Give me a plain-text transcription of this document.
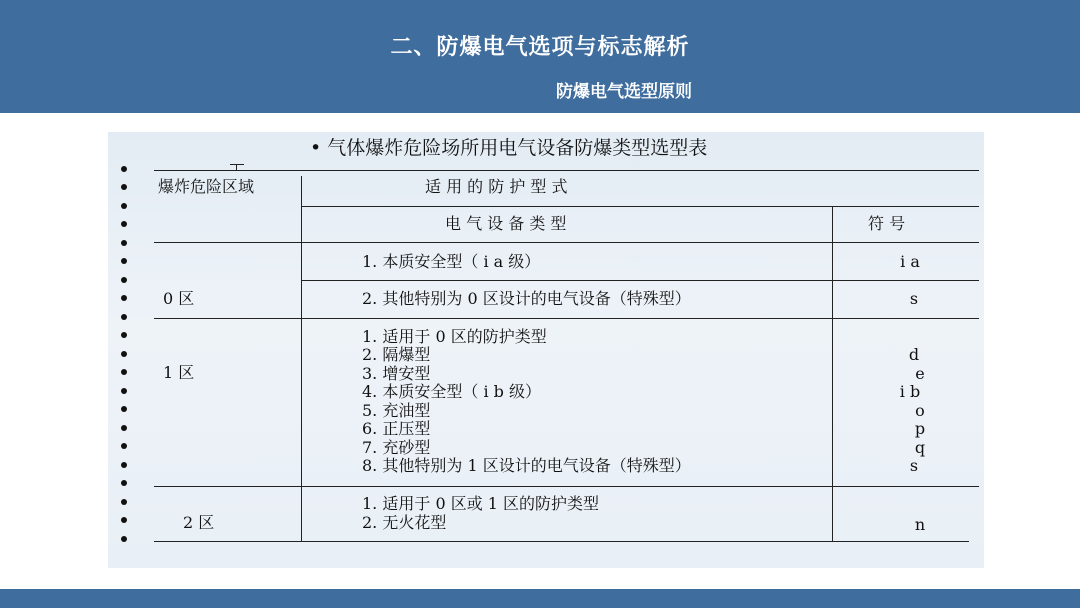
二、防爆电气选项与标志解析
防爆电气选型原则
• 气体爆炸危险场所用电气设备防爆类型选型表
爆炸危险区域	适 用 的 防 护 型 式
电 气 设 备 类 型	符 号
0 区
1. 本质安全型（ i a 级）	i a
2. 其他特别为 0 区设计的电气设备（特殊型）	s
1 区
1. 适用于 0 区的防护类型
2. 隔爆型	d
3. 增安型	e
4. 本质安全型（ i b 级）	i b
5. 充油型	o
6. 正压型	p
7. 充砂型	q
8. 其他特别为 1 区设计的电气设备（特殊型）	s
2 区
1. 适用于 0 区或 1 区的防护类型
2. 无火花型	n
